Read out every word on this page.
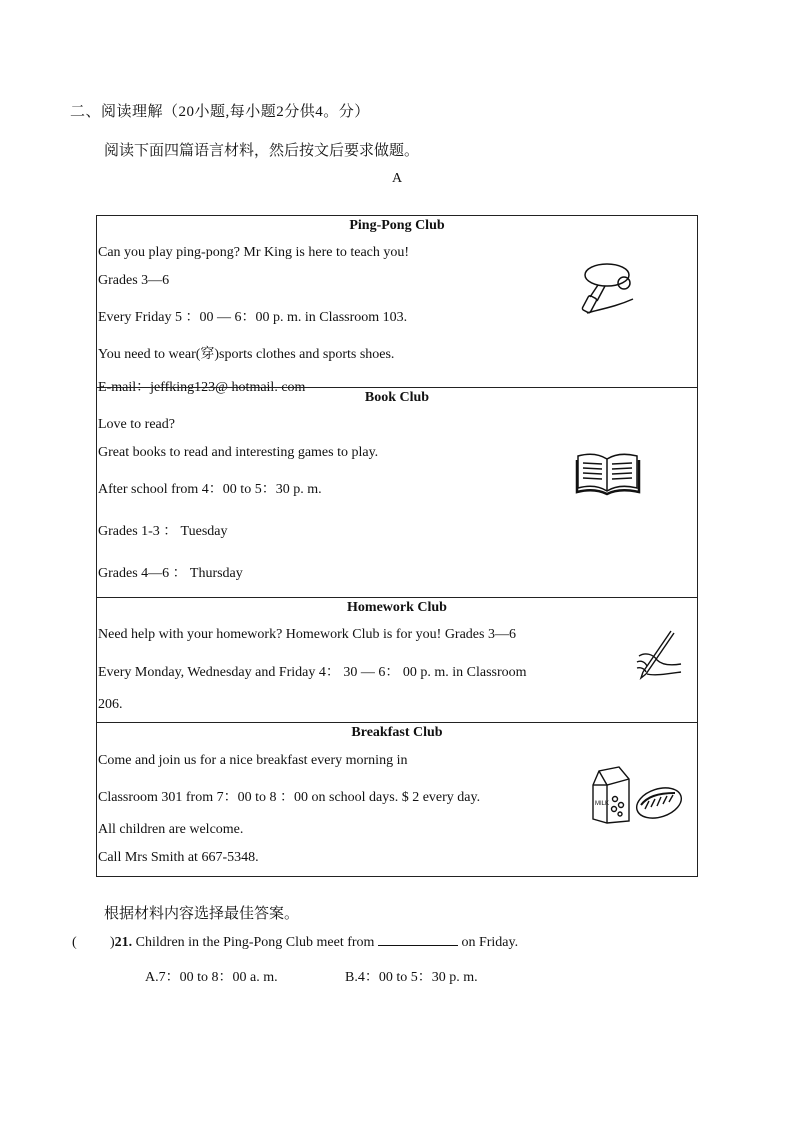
二、阅读理解（20小题,每小题2分供4。分）
阅读下面四篇语言材料，然后按文后要求做题。
A
Ping-Pong Club
Can you play ping-pong? Mr King is here to teach you!
Grades 3—6
Every Friday 5 ：00 — 6：00 p. m. in Classroom 103.
You need to wear(穿)sports clothes and sports shoes.
E-mail：jeffking123@ hotmail. com
Book Club
Love to read?
Great books to read and interesting games to play.
After school from 4：00 to 5：30 p. m.
Grades 1-3 ： Tuesday
Grades 4—6 ： Thursday
Homework Club
Need help with your homework? Homework Club is for you! Grades 3—6
Every Monday, Wednesday and Friday 4： 30 — 6： 00 p. m. in Classroom
206.
Breakfast Club
Come and join us for a nice breakfast every morning in
Classroom 301 from 7：00 to 8 ：00 on school days. $ 2 every day.
All children are welcome.
Call Mrs Smith at 667-5348.
MILK
根据材料内容选择最佳答案。
( )21. Children in the Ping-Pong Club meet from	on Friday.
A.7：00 to 8：00 a. m.	B.4：00 to 5：30 p. m.
